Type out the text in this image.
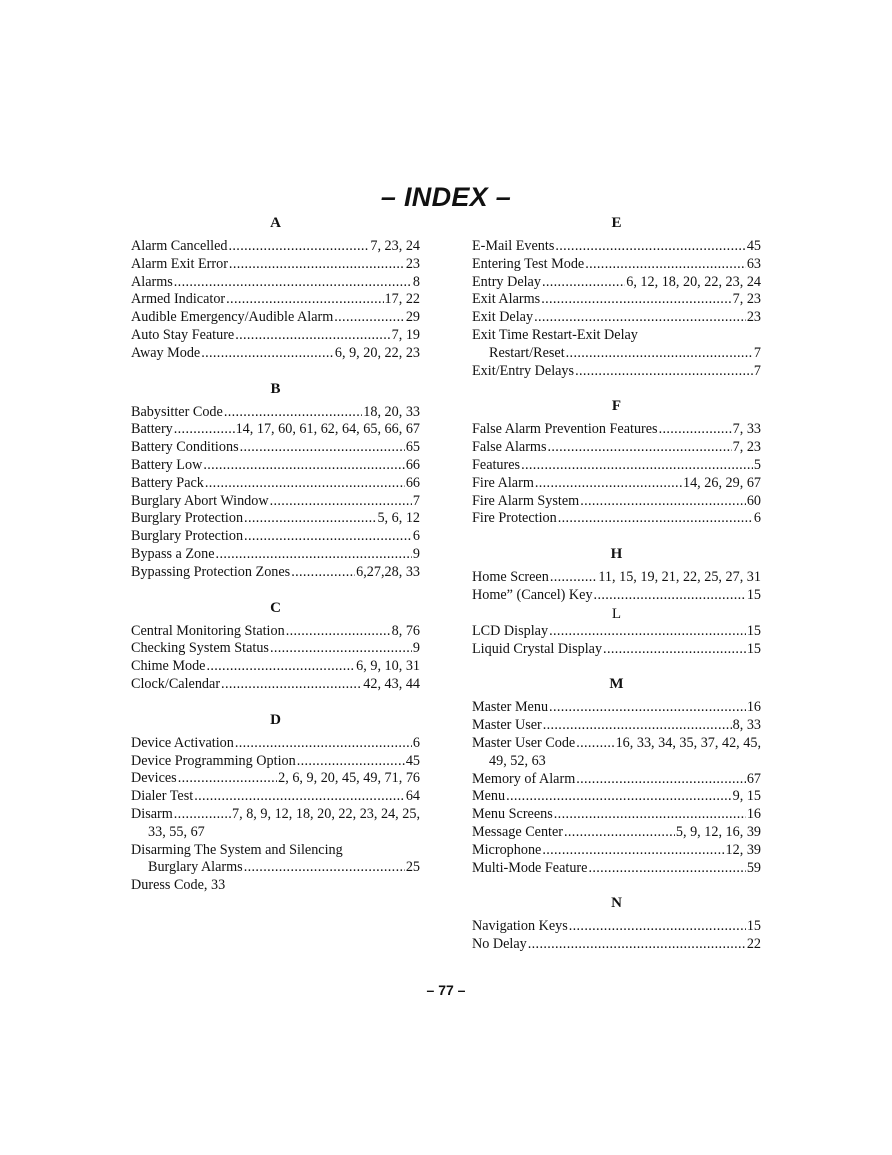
– INDEX –
A
Alarm Cancelled . . .	7, 23, 24
Alarm Exit Error . . .	23
Alarms . . .	8
Armed Indicator . . .	17, 22
Audible Emergency/Audible Alarm . . .	29
Auto Stay Feature . . .	7, 19
Away Mode . . .	6, 9, 20, 22, 23
B
Babysitter Code . . .	18, 20, 33
Battery . . .	14, 17, 60, 61, 62, 64, 65, 66, 67
Battery Conditions . . .	65
Battery Low . . .	66
Battery Pack . . .	66
Burglary Abort Window . . .	7
Burglary Protection . . .	5, 6, 12
Burglary Protection . . .	6
Bypass a Zone . . .	9
Bypassing Protection Zones . . .	6,27,28, 33
C
Central Monitoring Station . . .	8, 76
Checking System Status . . .	9
Chime Mode . . .	6, 9, 10, 31
Clock/Calendar . . .	42, 43, 44
D
Device Activation . . .	6
Device Programming Option . . .	45
Devices . . .	2, 6, 9, 20, 45, 49, 71, 76
Dialer Test . . .	64
Disarm . . .	7, 8, 9, 12, 18, 20, 22, 23, 24, 25,
33, 55, 67
Disarming The System and Silencing
Burglary Alarms . . .	25
Duress Code, 33
E
E-Mail Events . . .	45
Entering Test Mode . . .	63
Entry Delay . . .	6, 12, 18, 20, 22, 23, 24
Exit Alarms . . .	7, 23
Exit Delay . . .	23
Exit Time Restart-Exit Delay
Restart/Reset . . .	7
Exit/Entry Delays . . .	7
F
False Alarm Prevention Features . . .	7, 33
False Alarms . . .	7, 23
Features . . .	5
Fire Alarm . . .	14, 26, 29, 67
Fire Alarm System . . .	60
Fire Protection . . .	6
H
Home Screen . . .	11, 15, 19, 21, 22, 25, 27, 31
Home” (Cancel) Key . . .	15
L
LCD Display . . .	15
Liquid Crystal Display . . .	15
M
Master Menu . . .	16
Master User . . .	8, 33
Master User Code . . .	16, 33, 34, 35, 37, 42, 45,
49, 52, 63
Memory of Alarm . . .	67
Menu . . .	9, 15
Menu Screens . . .	16
Message Center . . .	5, 9, 12, 16, 39
Microphone . . .	12, 39
Multi-Mode Feature . . .	59
N
Navigation Keys . . .	15
No Delay . . .	22
– 77 –
